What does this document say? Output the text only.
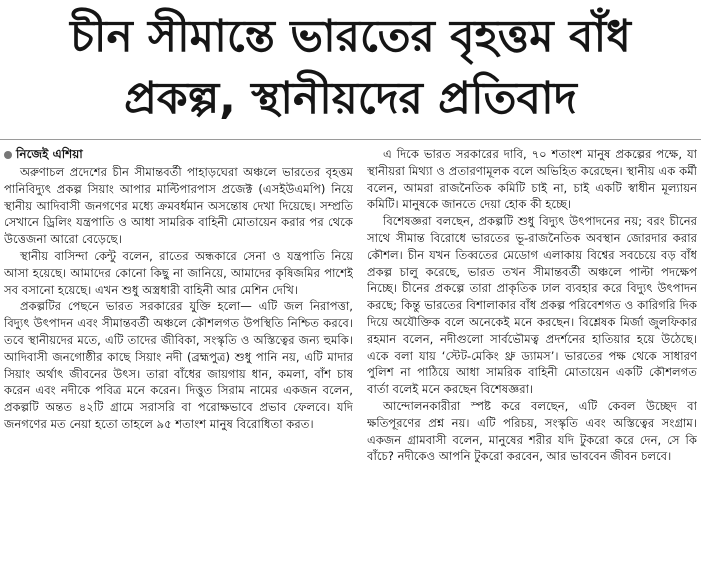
চীন সীমান্তে ভারতের বৃহত্তম বাঁধ
প্রকল্প, স্থানীয়দের প্রতিবাদ
নিজেই এশিয়া

অরুণাচল প্রদেশের চীন সীমান্তবর্তী পাহাড়ঘেরা অঞ্চলে ভারতের বৃহত্তম পানিবিদ্যুৎ প্রকল্প সিয়াং আপার মাল্টিপারপাস প্রজেক্ট (এসইউএমপি) নিয়ে স্থানীয় আদিবাসী জনগণের মধ্যে ক্রমবর্ধমান অসন্তোষ দেখা দিয়েছে। সম্প্রতি সেখানে ড্রিলিং যন্ত্রপাতি ও আধা সামরিক বাহিনী মোতায়েন করার পর থেকে উত্তেজনা আরো বেড়েছে।

স্থানীয় বাসিন্দা কেন্টু বলেন, রাতের অন্ধকারে সেনা ও যন্ত্রপাতি নিয়ে আসা হয়েছে। আমাদের কোনো কিছু না জানিয়ে, আমাদের কৃষিজমির পাশেই সব বসানো হয়েছে। এখন শুধু অস্ত্রধারী বাহিনী আর মেশিন দেখি।

প্রকল্পটির পেছনে ভারত সরকারের যুক্তি হলো— এটি জল নিরাপত্তা, বিদ্যুৎ উৎপাদন এবং সীমান্তবর্তী অঞ্চলে কৌশলগত উপস্থিতি নিশ্চিত করবে। তবে স্থানীয়দের মতে, এটি তাদের জীবিকা, সংস্কৃতি ও অস্তিত্বের জন্য হুমকি। আদিবাসী জনগোষ্ঠীর কাছে সিয়াং নদী (ব্রহ্মপুত্র) শুধু পানি নয়, এটি মাদার সিয়াং অর্থাৎ জীবনের উৎস। তারা বাঁধের জায়গায় ধান, কমলা, বাঁশ চাষ করেন এবং নদীকে পবিত্র মনে করেন। দিত্তুত সিরাম নামের একজন বলেন, প্রকল্পটি অন্তত ৪২টি গ্রামে সরাসরি বা পরোক্ষভাবে প্রভাব ফেলবে। যদি জনগণের মত নেয়া হতো তাহলে ৯৫ শতাংশ মানুষ বিরোধিতা করত।

এ দিকে ভারত সরকারের দাবি, ৭০ শতাংশ মানুষ প্রকল্পের পক্ষে, যা স্থানীয়রা মিথ্যা ও প্রতারণামূলক বলে অভিহিত করেছেন। স্থানীয় এক কর্মী বলেন, আমরা রাজনৈতিক কমিটি চাই না, চাই একটি স্বাধীন মূল্যায়ন কমিটি। মানুষকে জানতে দেয়া হোক কী হচ্ছে।

বিশেষজ্ঞরা বলছেন, প্রকল্পটি শুধু বিদ্যুৎ উৎপাদনের নয়; বরং চীনের সাথে সীমান্ত বিরোধে ভারতের ভূ-রাজনৈতিক অবস্থান জোরদার করার কৌশল। চীন যখন তিব্বতের মেডোগ এলাকায় বিশ্বের সবচেয়ে বড় বাঁধ প্রকল্প চালু করেছে, ভারত তখন সীমান্তবর্তী অঞ্চলে পাল্টা পদক্ষেপ নিচ্ছে। চীনের প্রকল্পে তারা প্রাকৃতিক ঢাল ব্যবহার করে বিদ্যুৎ উৎপাদন করছে; কিন্তু ভারতের বিশালাকার বাঁধ প্রকল্প পরিবেশগত ও কারিগরি দিক দিয়ে অযৌক্তিক বলে অনেকেই মনে করছেন। বিশ্লেষক মির্জা জুলফিকার রহমান বলেন, নদীগুলো সার্বভৌমত্ব প্রদর্শনের হাতিয়ার হয়ে উঠেছে। একে বলা যায় ‘স্টেট-মেকিং থ্রু ড্যামস’। ভারতের পক্ষ থেকে সাধারণ পুলিশ না পাঠিয়ে আধা সামরিক বাহিনী মোতায়েন একটি কৌশলগত বার্তা বলেই মনে করছেন বিশেষজ্ঞরা।

আন্দোলনকারীরা স্পষ্ট করে বলছেন, এটি কেবল উচ্ছেদ বা ক্ষতিপূরণের প্রশ্ন নয়। এটি পরিচয়, সংস্কৃতি এবং অস্তিত্বের সংগ্রাম। একজন গ্রামবাসী বলেন, মানুষের শরীর যদি টুকরো করে দেন, সে কি বাঁচে? নদীকেও আপনি টুকরো করবেন, আর ভাববেন জীবন চলবে।
